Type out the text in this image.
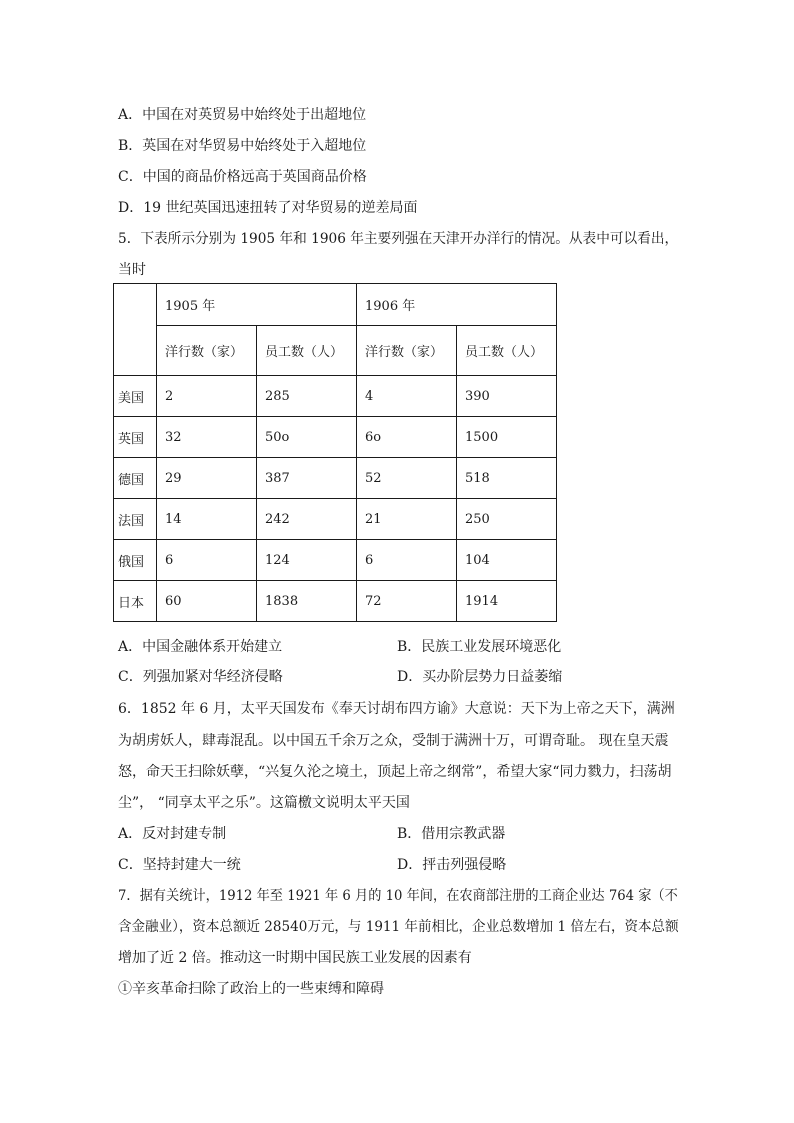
A．中国在对英贸易中始终处于出超地位
B．英国在对华贸易中始终处于入超地位
C．中国的商品价格远高于英国商品价格
D．19 世纪英国迅速扭转了对华贸易的逆差局面
5．下表所示分别为 1905 年和 1906 年主要列强在天津开办洋行的情况。从表中可以看出，
当时
	1905 年		1906 年	
	洋行数（家）	员工数（人）	洋行数（家）	员工数（人）
美国	2	285	4	390
英国	32	50o	6o	1500
德国	29	387	52	518
法国	14	242	21	250
俄国	6	124	6	104
日本	60	1838	72	1914
A．中国金融体系开始建立	B．民族工业发展环境恶化
C．列强加紧对华经济侵略	D．买办阶层势力日益萎缩
6．1852 年 6 月，太平天国发布《奉天讨胡布四方谕》大意说：天下为上帝之天下，满洲
为胡虏妖人，肆毒混乱。以中国五千余万之众，受制于满洲十万，可谓奇耻。 现在皇天震
怒，命天王扫除妖孽，“兴复久沦之境土，顶起上帝之纲常”，希望大家“同力戮力，扫荡胡
尘”， “同享太平之乐”。这篇檄文说明太平天国
A．反对封建专制	B．借用宗教武器
C．坚持封建大一统	D．抨击列强侵略
7．据有关统计，1912 年至 1921 年 6 月的 10 年间，在农商部注册的工商企业达 764 家（不
含金融业），资本总额近 28540万元，与 1911 年前相比，企业总数增加 1 倍左右，资本总额
增加了近 2 倍。推动这一时期中国民族工业发展的因素有
①辛亥革命扫除了政治上的一些束缚和障碍
